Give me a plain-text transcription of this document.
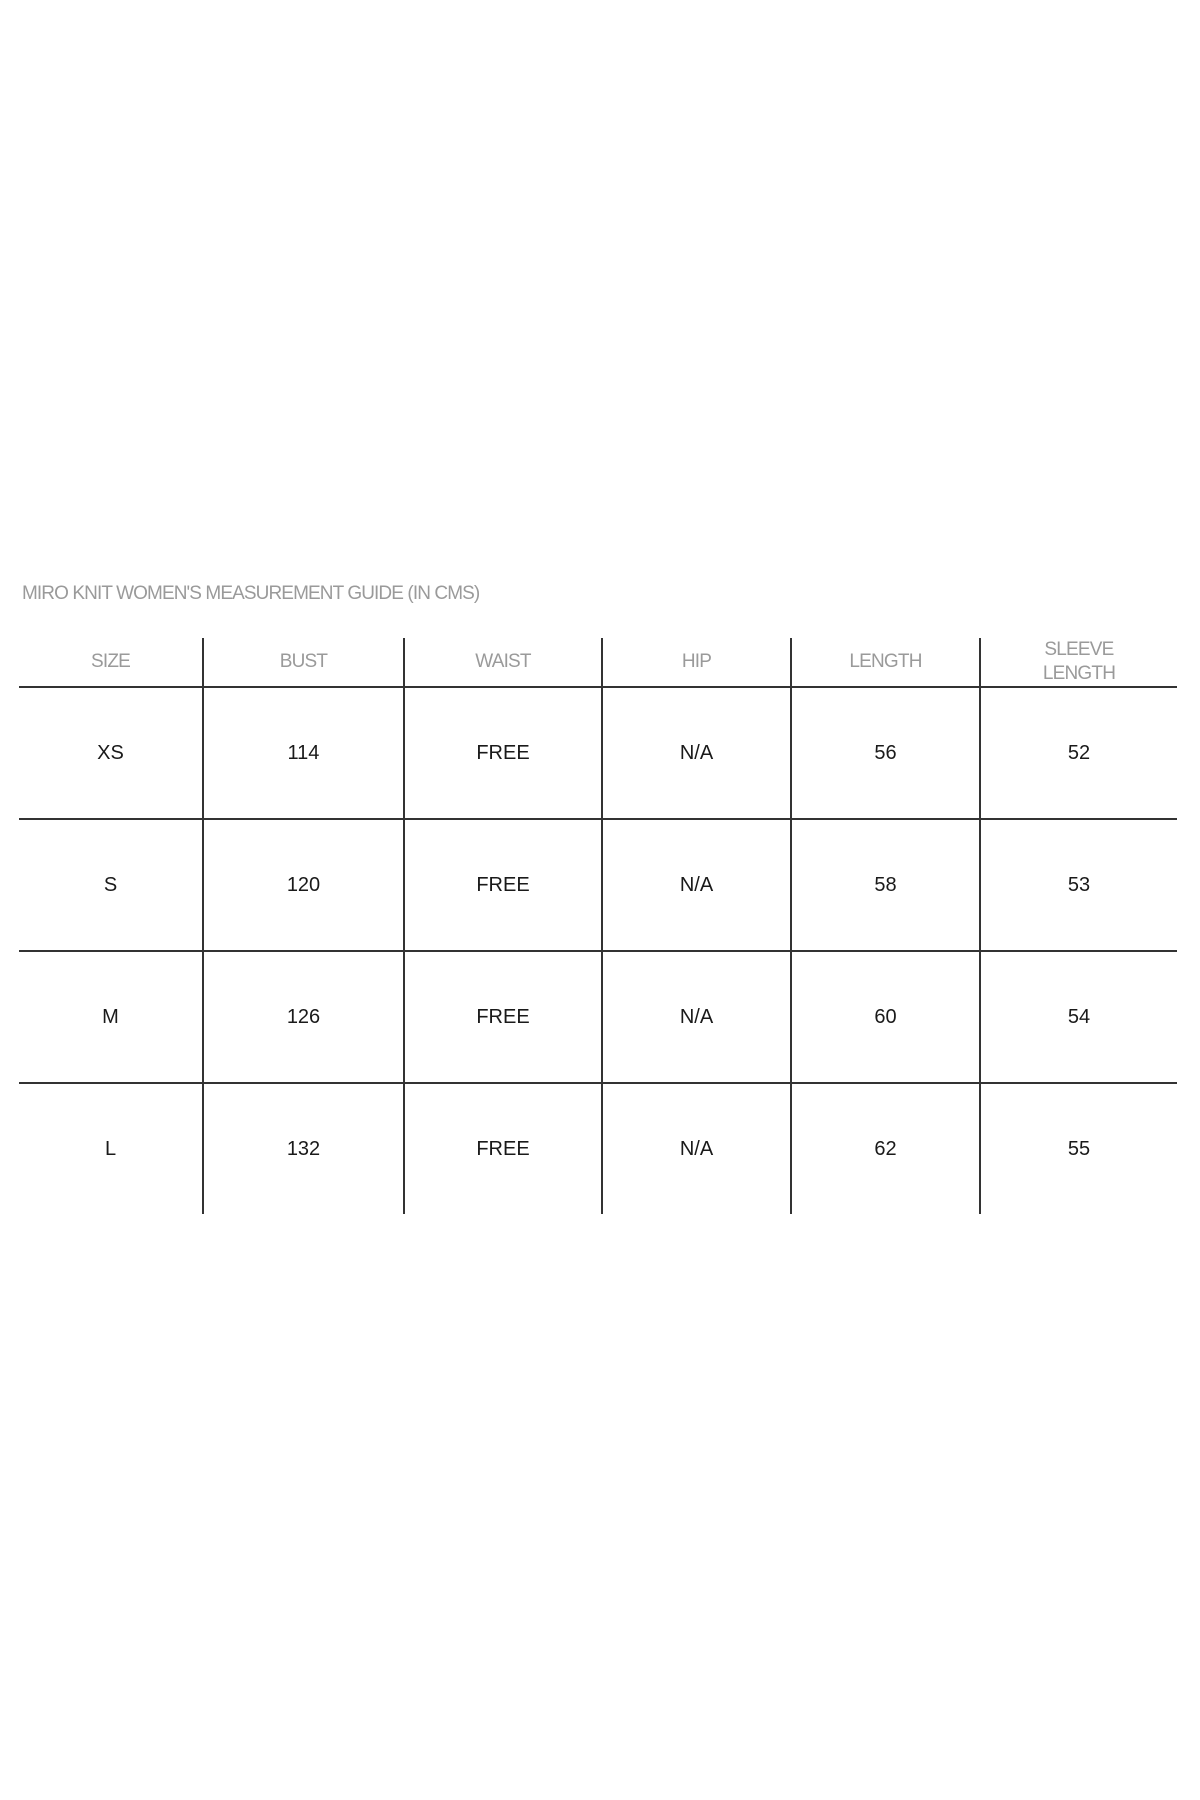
MIRO KNIT WOMEN'S MEASUREMENT GUIDE (IN CMS)
SIZE	BUST	WAIST	HIP	LENGTH	SLEEVE LENGTH
XS	114	FREE	N/A	56	52
S	120	FREE	N/A	58	53
M	126	FREE	N/A	60	54
L	132	FREE	N/A	62	55
